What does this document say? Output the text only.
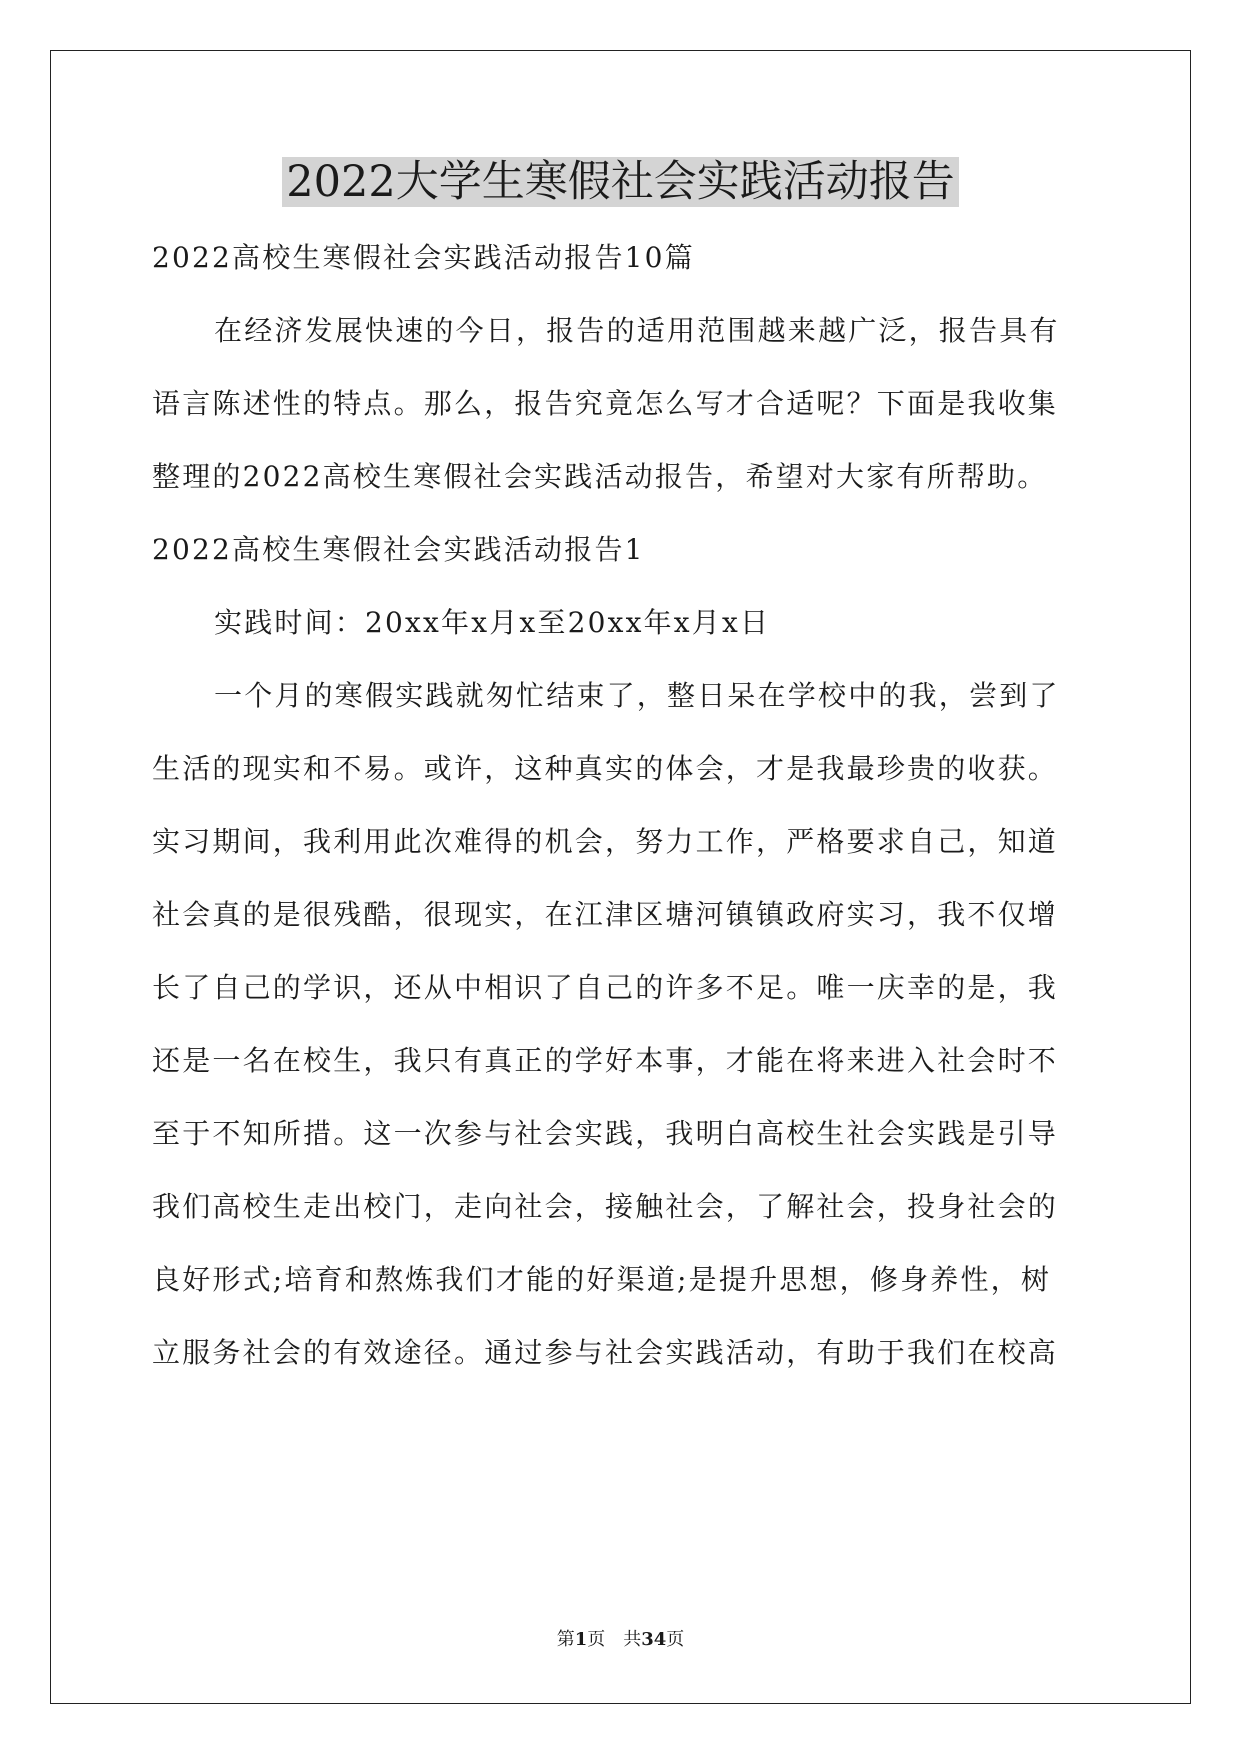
2022大学生寒假社会实践活动报告
2022高校生寒假社会实践活动报告10篇
在经济发展快速的今日，报告的适用范围越来越广泛，报告具有
语言陈述性的特点。那么，报告究竟怎么写才合适呢？下面是我收集
整理的2022高校生寒假社会实践活动报告，希望对大家有所帮助。
2022高校生寒假社会实践活动报告1
实践时间：20xx年x月x至20xx年x月x日
一个月的寒假实践就匆忙结束了，整日呆在学校中的我，尝到了
生活的现实和不易。或许，这种真实的体会，才是我最珍贵的收获。
实习期间，我利用此次难得的机会，努力工作，严格要求自己，知道
社会真的是很残酷，很现实，在江津区塘河镇镇政府实习，我不仅增
长了自己的学识，还从中相识了自己的许多不足。唯一庆幸的是，我
还是一名在校生，我只有真正的学好本事，才能在将来进入社会时不
至于不知所措。这一次参与社会实践，我明白高校生社会实践是引导
我们高校生走出校门，走向社会，接触社会，了解社会，投身社会的
良好形式;培育和熬炼我们才能的好渠道;是提升思想，修身养性，树
立服务社会的有效途径。通过参与社会实践活动，有助于我们在校高
第1页 共34页
